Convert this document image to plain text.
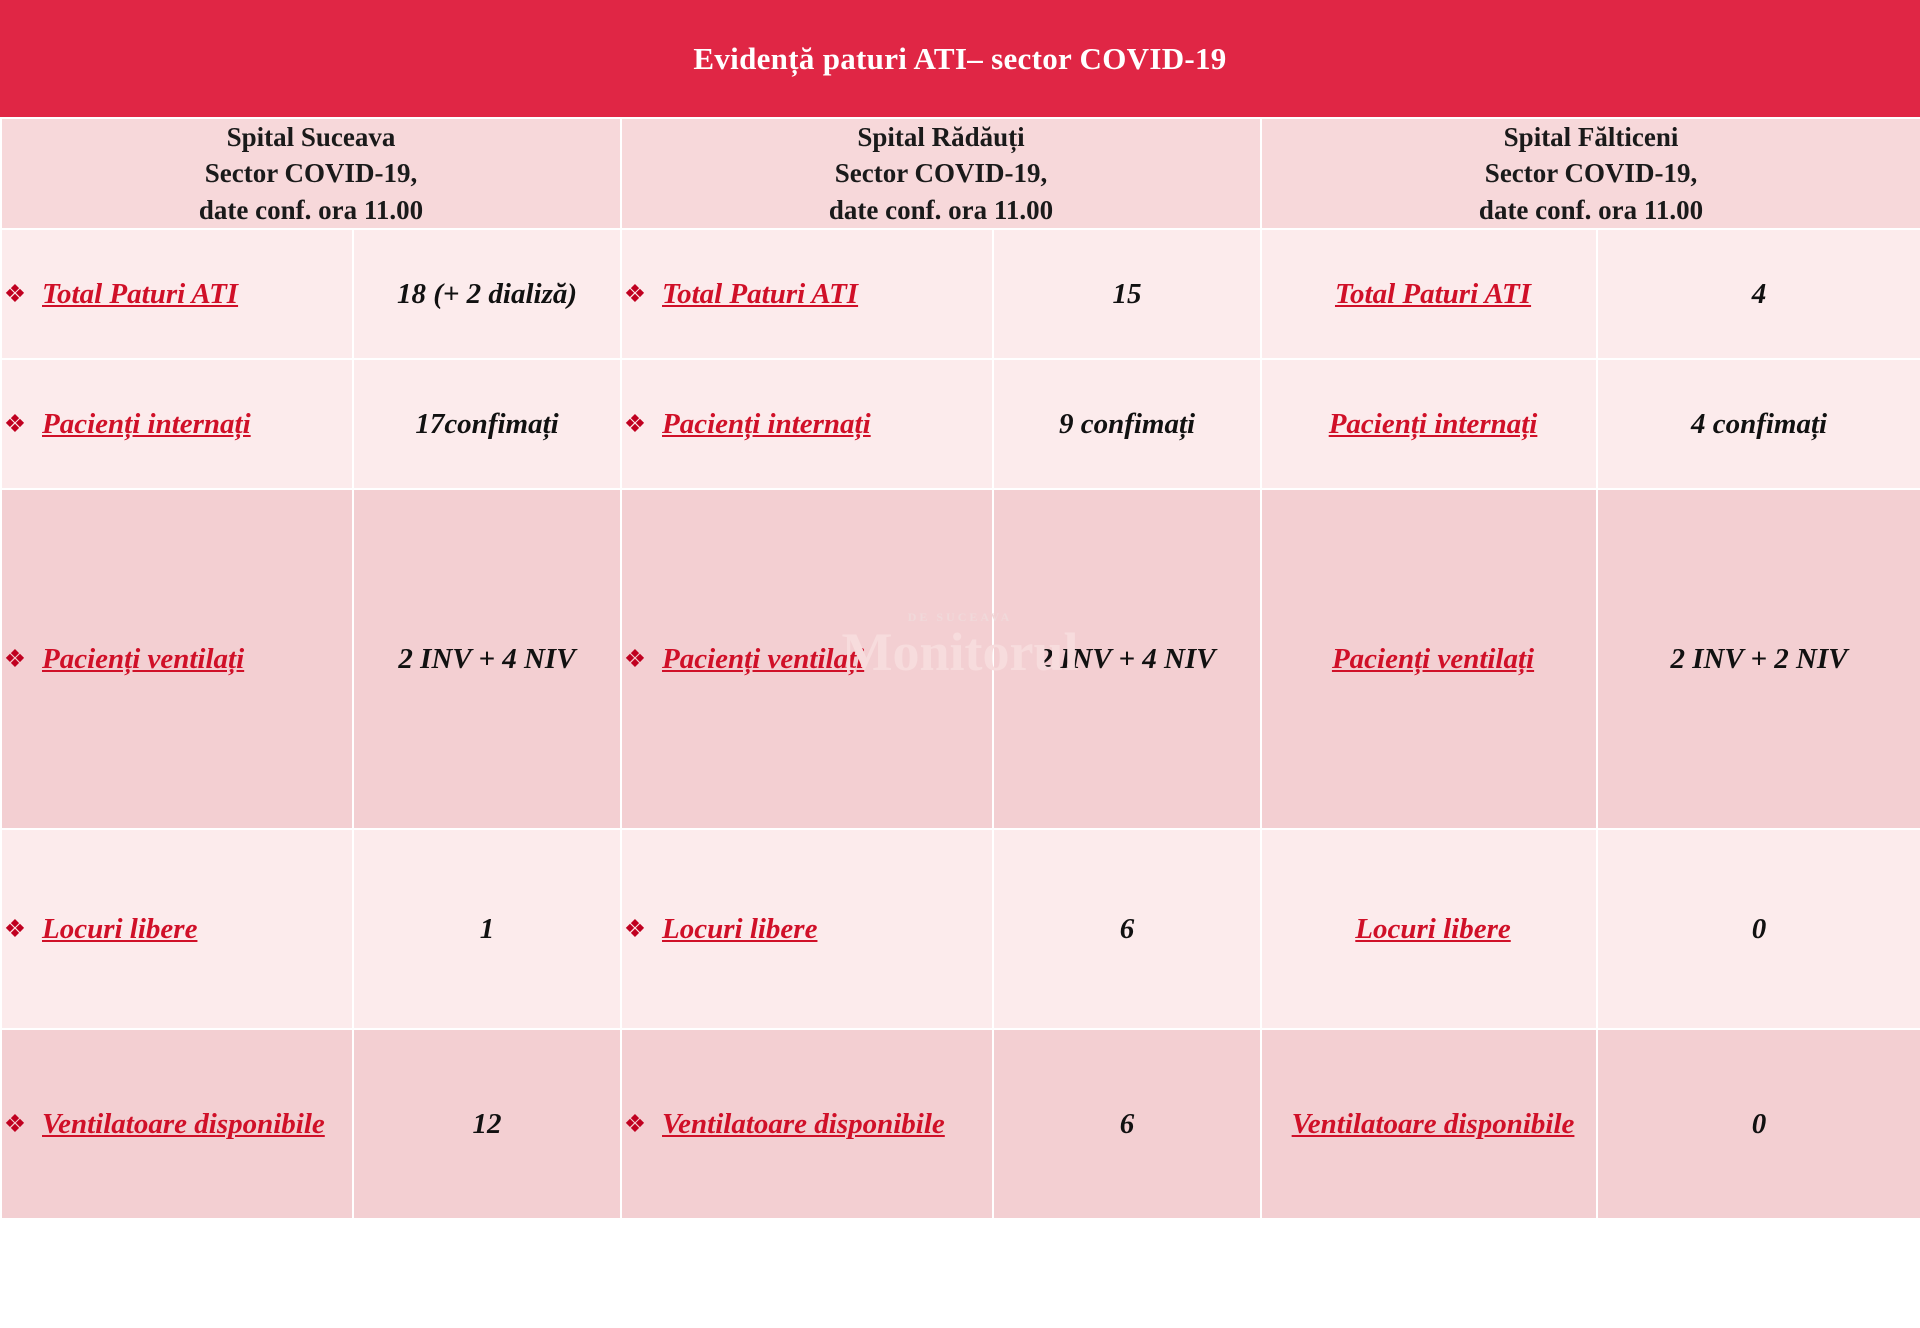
Evidență paturi ATI– sector COVID-19
Spital Suceava
Sector COVID-19,
date conf. ora 11.00		Spital Rădăuți
Sector COVID-19,
date conf. ora 11.00		Spital Fălticeni
Sector COVID-19,
date conf. ora 11.00	

❖ Total Paturi ATI	18 (+ 2 dializă)	❖ Total Paturi ATI	15	Total Paturi ATI	4

❖ Pacienți internați	17confimați	❖ Pacienți internați	9 confimați	Pacienți internați	4 confimați

❖ Pacienți ventilați	2 INV + 4 NIV	❖ Pacienți ventilați	2 INV + 4 NIV	Pacienți ventilați	2 INV + 2 NIV

❖ Locuri libere	1	❖ Locuri libere	6	Locuri libere	0

❖ Ventilatoare disponibile	12	❖ Ventilatoare disponibile	6	Ventilatoare disponibile	0
DE SUCEAVA
Monitorul
